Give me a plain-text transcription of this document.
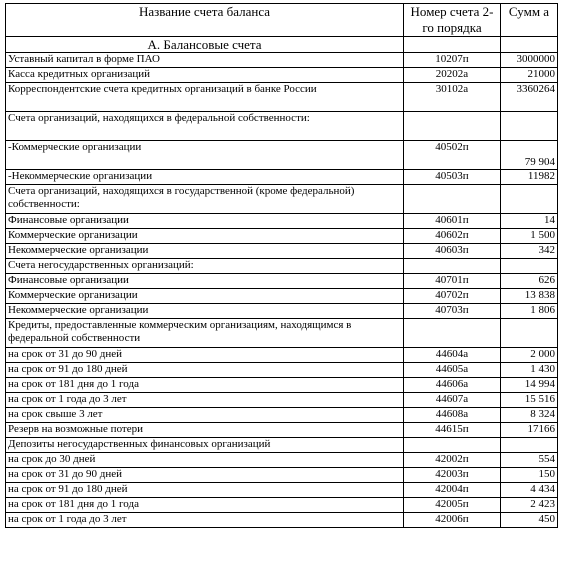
Название счета баланса	Номер счета 2-го порядка	Сумм а
А. Балансовые счета		
Уставный капитал в форме ПАО	10207п	3000000
Касса кредитных организаций	20202а	21000
Корреспондентские счета кредитных организаций в банке России	30102а	3360264
Счета организаций, находящихся в федеральной собственности:		
-Коммерческие организации	40502п	79 904
-Некоммерческие организации	40503п	11982
Счета организаций, находящихся в государственной (кроме федеральной) собственности:		
Финансовые организации	40601п	14
Коммерческие организации	40602п	1 500
Некоммерческие организации	40603п	342
Счета негосударственных организаций:		
Финансовые организации	40701п	626
Коммерческие организации	40702п	13 838
Некоммерческие организации	40703п	1 806
Кредиты, предоставленные коммерческим организациям, находящимся в федеральной собственности		
на срок от 31 до 90 дней	44604а	2 000
на срок от 91 до 180 дней	44605а	1 430
на срок от 181 дня до 1 года	44606а	14 994
на срок от 1 года до 3 лет	44607а	15 516
на срок свыше 3 лет	44608а	8 324
Резерв на возможные потери	44615п	17166
Депозиты негосударственных финансовых организаций		
на срок до 30 дней	42002п	554
на срок от 31 до 90 дней	42003п	150
на срок от 91 до 180 дней	42004п	4 434
на срок от 181 дня до 1 года	42005п	2 423
на срок от 1 года до 3 лет	42006п	450
